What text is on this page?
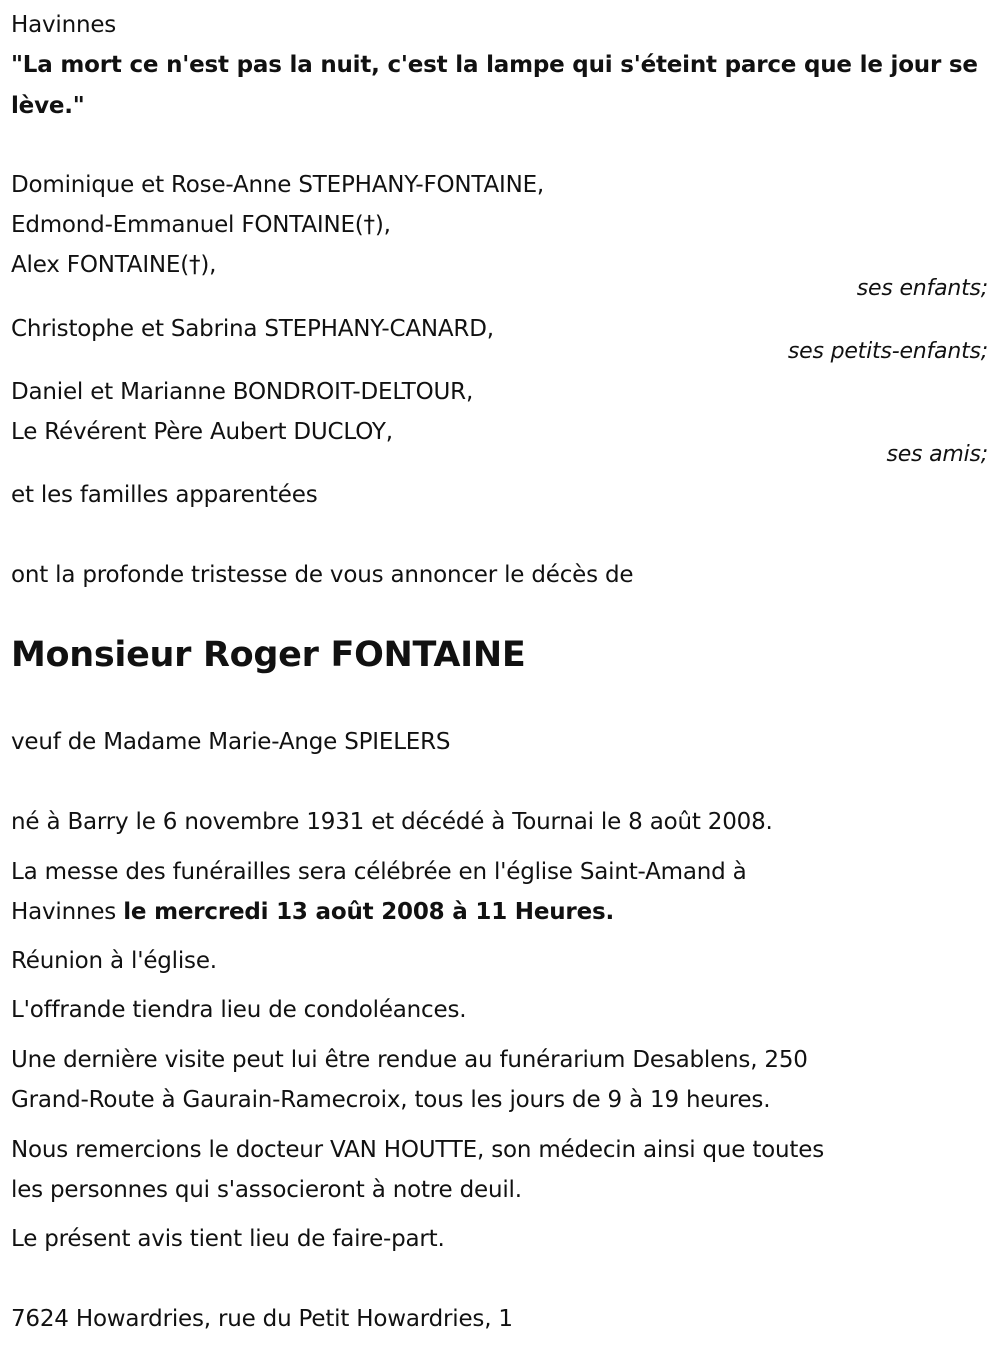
Havinnes
"La mort ce n'est pas la nuit, c'est la lampe qui s'éteint parce que le jour se lève."
Dominique et Rose-Anne STEPHANY-FONTAINE,
Edmond-Emmanuel FONTAINE(†),
Alex FONTAINE(†),
ses enfants;
Christophe et Sabrina STEPHANY-CANARD,
ses petits-enfants;
Daniel et Marianne BONDROIT-DELTOUR,
Le Révérent Père Aubert DUCLOY,
ses amis;
et les familles apparentées
ont la profonde tristesse de vous annoncer le décès de
Monsieur Roger FONTAINE
veuf de Madame Marie-Ange SPIELERS
né à Barry le 6 novembre 1931 et décédé à Tournai le 8 août 2008.
La messe des funérailles sera célébrée en l'église Saint-Amand à
Havinnes le mercredi 13 août 2008 à 11 Heures.
Réunion à l'église.
L'offrande tiendra lieu de condoléances.
Une dernière visite peut lui être rendue au funérarium Desablens, 250
Grand-Route à Gaurain-Ramecroix, tous les jours de 9 à 19 heures.
Nous remercions le docteur VAN HOUTTE, son médecin ainsi que toutes
les personnes qui s'associeront à notre deuil.
Le présent avis tient lieu de faire-part.
7624 Howardries, rue du Petit Howardries, 1
